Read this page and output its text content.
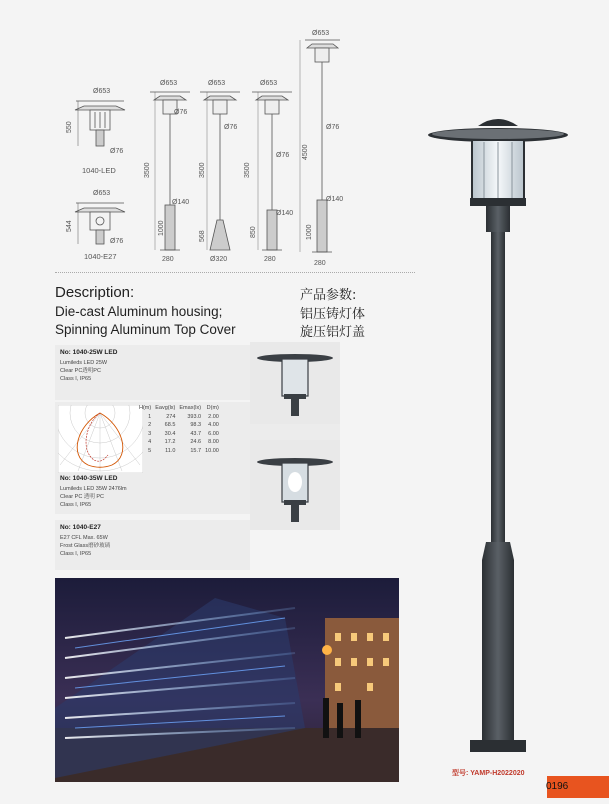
Ø653
550
Ø76
1040-LED
Ø653
544
Ø76
1040-E27
Ø653
Ø76
3500
Ø140
1000
280
Ø653
Ø76
3500
568
Ø320
Ø653
3500
Ø76
Ø140
850
280
Ø653
4500
Ø76
Ø140
1000
280
Description:
Die-cast Aluminum housing;
Spinning Aluminum Top Cover
产品参数:
铝压铸灯体
旋压铝灯盖
No: 1040-25W LED
Lumileds LED 25W
Clear PC透明PC
Class I, IP65
H(m)	Eavg(lx)	Emax(lx)	D(m)
1	274	393.0	2.00
2	68.5	98.3	4.00
3	30.4	43.7	6.00
4	17.2	24.6	8.00
5	11.0	15.7	10.00
No: 1040-35W LED
Lumileds LED 35W 2476lm
Clear PC 透明 PC
Class I, IP65
No: 1040-E27
E27 CFL Max. 65W
Frost Glass磨砂玻璃
Class I, IP65
型号: YAMP-H2022020
0196
